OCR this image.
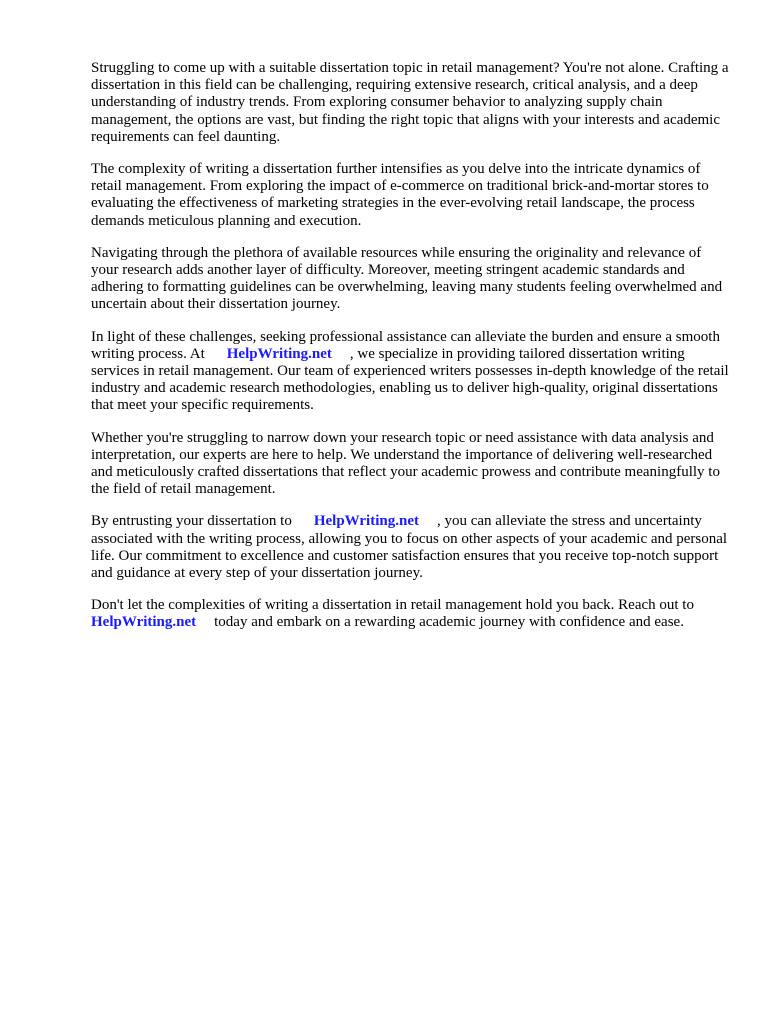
Struggling to come up with a suitable dissertation topic in retail management? You're not alone. Crafting a dissertation in this field can be challenging, requiring extensive research, critical analysis, and a deep understanding of industry trends. From exploring consumer behavior to analyzing supply chain management, the options are vast, but finding the right topic that aligns with your interests and academic requirements can feel daunting.

The complexity of writing a dissertation further intensifies as you delve into the intricate dynamics of retail management. From exploring the impact of e-commerce on traditional brick-and-mortar stores to evaluating the effectiveness of marketing strategies in the ever-evolving retail landscape, the process demands meticulous planning and execution.

Navigating through the plethora of available resources while ensuring the originality and relevance of your research adds another layer of difficulty. Moreover, meeting stringent academic standards and adhering to formatting guidelines can be overwhelming, leaving many students feeling overwhelmed and uncertain about their dissertation journey.

In light of these challenges, seeking professional assistance can alleviate the burden and ensure a smooth writing process. At HelpWriting.net , we specialize in providing tailored dissertation writing services in retail management. Our team of experienced writers possesses in-depth knowledge of the retail industry and academic research methodologies, enabling us to deliver high-quality, original dissertations that meet your specific requirements.

Whether you're struggling to narrow down your research topic or need assistance with data analysis and interpretation, our experts are here to help. We understand the importance of delivering well-researched and meticulously crafted dissertations that reflect your academic prowess and contribute meaningfully to the field of retail management.

By entrusting your dissertation to HelpWriting.net , you can alleviate the stress and uncertainty associated with the writing process, allowing you to focus on other aspects of your academic and personal life. Our commitment to excellence and customer satisfaction ensures that you receive top-notch support and guidance at every step of your dissertation journey.

Don't let the complexities of writing a dissertation in retail management hold you back. Reach out toHelpWriting.net today and embark on a rewarding academic journey with confidence and ease.
